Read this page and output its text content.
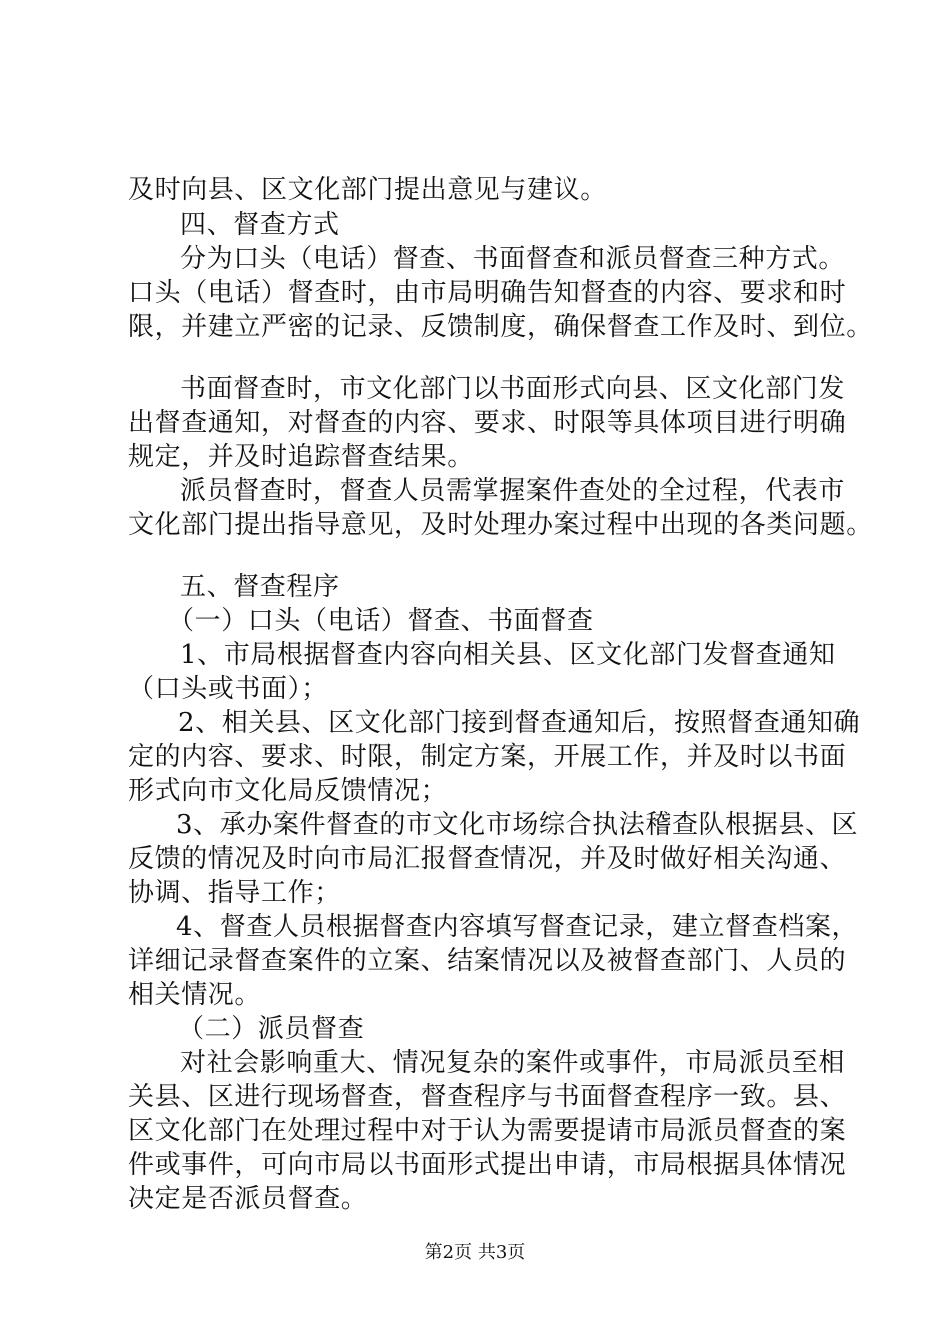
及时向县、区文化部门提出意见与建议。
四、督查方式
分为口头（电话）督查、书面督查和派员督查三种方式。
口头（电话）督查时，由市局明确告知督查的内容、要求和时
限，并建立严密的记录、反馈制度，确保督查工作及时、到位。
书面督查时，市文化部门以书面形式向县、区文化部门发
出督查通知，对督查的内容、要求、时限等具体项目进行明确
规定，并及时追踪督查结果。
派员督查时，督查人员需掌握案件查处的全过程，代表市
文化部门提出指导意见，及时处理办案过程中出现的各类问题。
五、督查程序
（一）口头（电话）督查、书面督查
1、市局根据督查内容向相关县、区文化部门发督查通知
（口头或书面）；
2、相关县、区文化部门接到督查通知后，按照督查通知确
定的内容、要求、时限，制定方案，开展工作，并及时以书面
形式向市文化局反馈情况；
3、承办案件督查的市文化市场综合执法稽查队根据县、区
反馈的情况及时向市局汇报督查情况，并及时做好相关沟通、
协调、指导工作；
4、督查人员根据督查内容填写督查记录，建立督查档案，
详细记录督查案件的立案、结案情况以及被督查部门、人员的
相关情况。
（二）派员督查
对社会影响重大、情况复杂的案件或事件，市局派员至相
关县、区进行现场督查，督查程序与书面督查程序一致。县、
区文化部门在处理过程中对于认为需要提请市局派员督查的案
件或事件，可向市局以书面形式提出申请，市局根据具体情况
决定是否派员督查。
第2页 共3页
